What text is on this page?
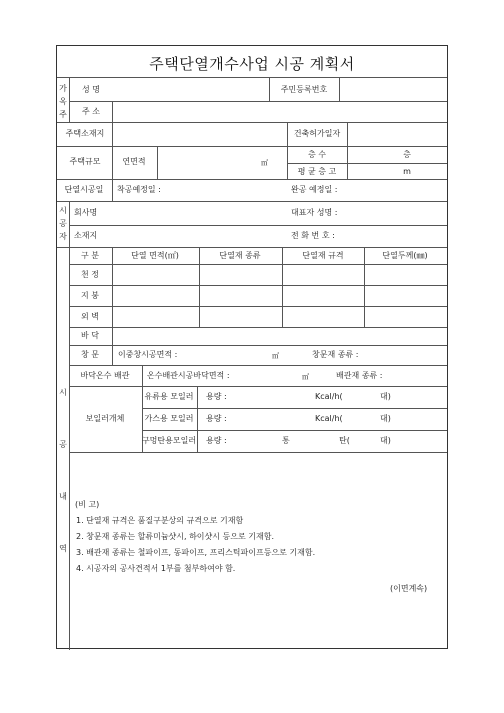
주택단열개수사업 시공 계획서
가
옥
주
성 명	주민등록번호
주 소
주택소재지	건축허가일자
주택규모	연면적	㎡
층 수	층
평 균 층 고	m
단열시공일 착공예정일 :	완공 예정일 :
시
공
자
회사명	대표자 성명 :
소재지	전 화 번 호 :
시

공

내

역
구 분	단열 면적(㎡)	단열재 종류	단열재 규격	단열두께(㎜)
천 정
지 붕
외 벽
바 닥
창 문 이중창시공면적 :	㎡	창문재 종류 :
바닥온수 배관 온수배관시공바닥면적 :	㎡	배관재 종류 :
보일러개체
유류용 모일러 용량 :	Kcal/h(	대)
가스용 모일러 용량 :	Kcal/h(	대)
구멍탄용모일러 용량 :	통	탄(	대)
(비 고)
1. 단열재 규격은 품질구분상의 규격으로 기재함
2. 창문재 종류는 할류미늄샷시, 하이샷시 등으로 기재함.
3. 배관재 종류는 철파이프, 동파이프, 프리스틱파이프등으로 기재함.
4. 시공자의 공사견적서 1부를 첨부하여야 함.
(이면계속)
